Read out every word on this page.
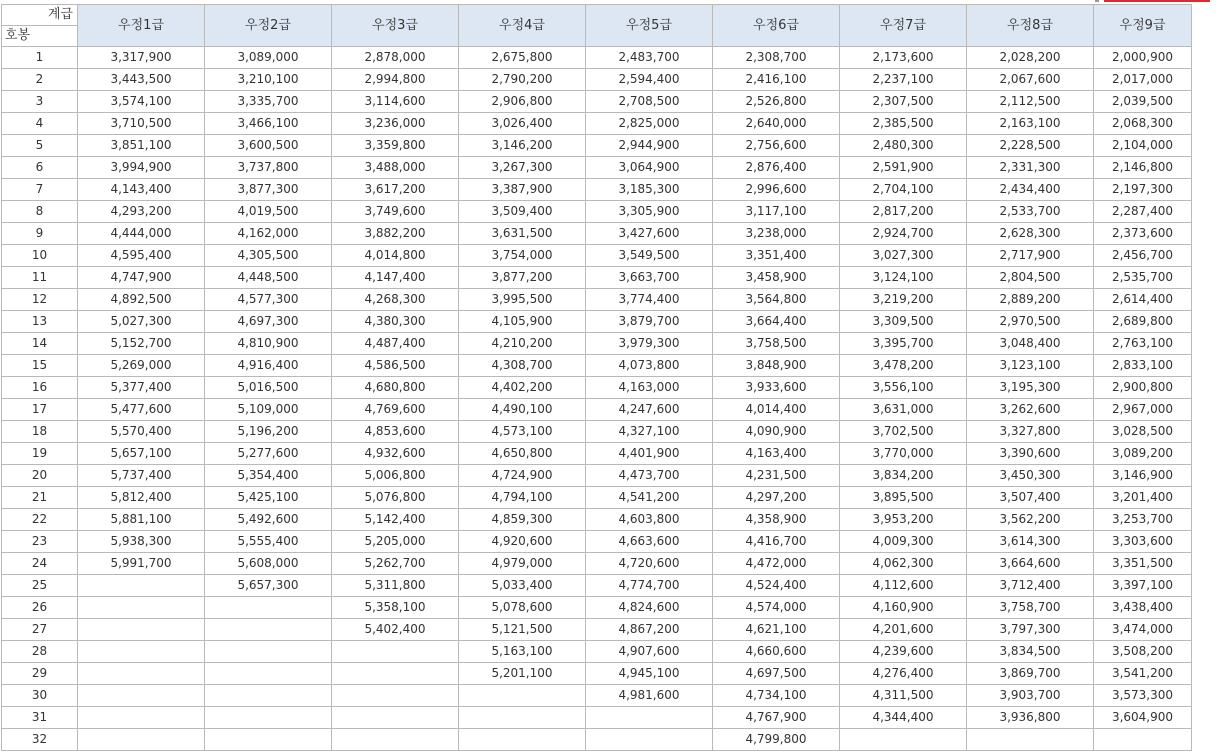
계급
호봉	우정1급	우정2급	우정3급	우정4급	우정5급	우정6급	우정7급	우정8급	우정9급
1	3,317,900	3,089,000	2,878,000	2,675,800	2,483,700	2,308,700	2,173,600	2,028,200	2,000,900
2	3,443,500	3,210,100	2,994,800	2,790,200	2,594,400	2,416,100	2,237,100	2,067,600	2,017,000
3	3,574,100	3,335,700	3,114,600	2,906,800	2,708,500	2,526,800	2,307,500	2,112,500	2,039,500
4	3,710,500	3,466,100	3,236,000	3,026,400	2,825,000	2,640,000	2,385,500	2,163,100	2,068,300
5	3,851,100	3,600,500	3,359,800	3,146,200	2,944,900	2,756,600	2,480,300	2,228,500	2,104,000
6	3,994,900	3,737,800	3,488,000	3,267,300	3,064,900	2,876,400	2,591,900	2,331,300	2,146,800
7	4,143,400	3,877,300	3,617,200	3,387,900	3,185,300	2,996,600	2,704,100	2,434,400	2,197,300
8	4,293,200	4,019,500	3,749,600	3,509,400	3,305,900	3,117,100	2,817,200	2,533,700	2,287,400
9	4,444,000	4,162,000	3,882,200	3,631,500	3,427,600	3,238,000	2,924,700	2,628,300	2,373,600
10	4,595,400	4,305,500	4,014,800	3,754,000	3,549,500	3,351,400	3,027,300	2,717,900	2,456,700
11	4,747,900	4,448,500	4,147,400	3,877,200	3,663,700	3,458,900	3,124,100	2,804,500	2,535,700
12	4,892,500	4,577,300	4,268,300	3,995,500	3,774,400	3,564,800	3,219,200	2,889,200	2,614,400
13	5,027,300	4,697,300	4,380,300	4,105,900	3,879,700	3,664,400	3,309,500	2,970,500	2,689,800
14	5,152,700	4,810,900	4,487,400	4,210,200	3,979,300	3,758,500	3,395,700	3,048,400	2,763,100
15	5,269,000	4,916,400	4,586,500	4,308,700	4,073,800	3,848,900	3,478,200	3,123,100	2,833,100
16	5,377,400	5,016,500	4,680,800	4,402,200	4,163,000	3,933,600	3,556,100	3,195,300	2,900,800
17	5,477,600	5,109,000	4,769,600	4,490,100	4,247,600	4,014,400	3,631,000	3,262,600	2,967,000
18	5,570,400	5,196,200	4,853,600	4,573,100	4,327,100	4,090,900	3,702,500	3,327,800	3,028,500
19	5,657,100	5,277,600	4,932,600	4,650,800	4,401,900	4,163,400	3,770,000	3,390,600	3,089,200
20	5,737,400	5,354,400	5,006,800	4,724,900	4,473,700	4,231,500	3,834,200	3,450,300	3,146,900
21	5,812,400	5,425,100	5,076,800	4,794,100	4,541,200	4,297,200	3,895,500	3,507,400	3,201,400
22	5,881,100	5,492,600	5,142,400	4,859,300	4,603,800	4,358,900	3,953,200	3,562,200	3,253,700
23	5,938,300	5,555,400	5,205,000	4,920,600	4,663,600	4,416,700	4,009,300	3,614,300	3,303,600
24	5,991,700	5,608,000	5,262,700	4,979,000	4,720,600	4,472,000	4,062,300	3,664,600	3,351,500
25		5,657,300	5,311,800	5,033,400	4,774,700	4,524,400	4,112,600	3,712,400	3,397,100
26			5,358,100	5,078,600	4,824,600	4,574,000	4,160,900	3,758,700	3,438,400
27			5,402,400	5,121,500	4,867,200	4,621,100	4,201,600	3,797,300	3,474,000
28				5,163,100	4,907,600	4,660,600	4,239,600	3,834,500	3,508,200
29				5,201,100	4,945,100	4,697,500	4,276,400	3,869,700	3,541,200
30					4,981,600	4,734,100	4,311,500	3,903,700	3,573,300
31						4,767,900	4,344,400	3,936,800	3,604,900
32						4,799,800			
